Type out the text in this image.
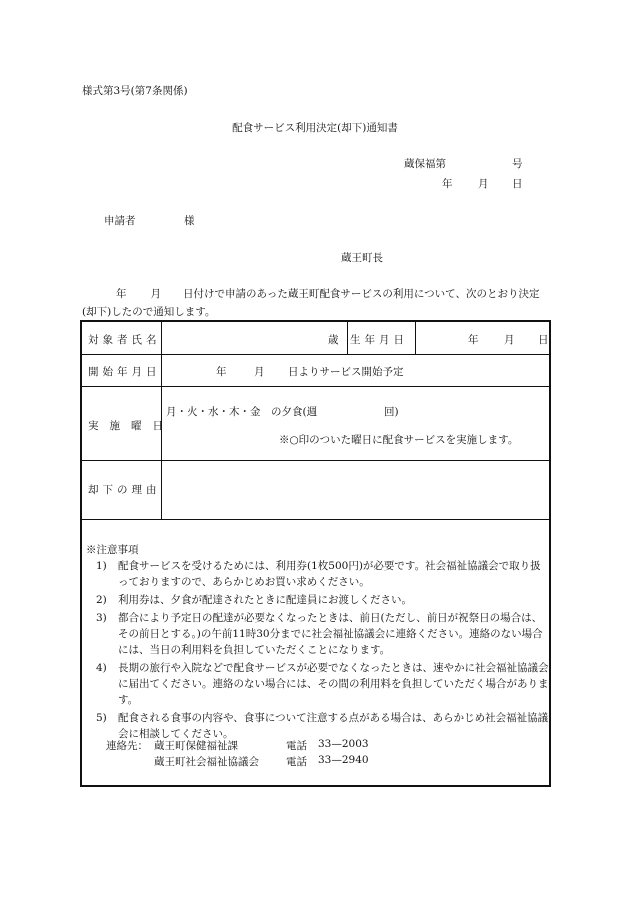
様式第3号(第7条関係)
配食サービス利用決定(却下)通知書
蔵保福第	号
年 月 日
申請者	様
蔵王町長
年 月 日付けで申請のあった蔵王町配食サービスの利用について、次のとおり決定(却下)したので通知します。
対象者氏名	歳 生年月日	年 月 日
開始年月日	年	月 日よりサービス開始予定
実施曜日
月・火・水・木・金　の夕食(週	回)
※○印のついた曜日に配食サービスを実施します。
却下の理由
※注意事項
1)	配食サービスを受けるためには、利用券(1枚500円)が必要です。社会福祉協議会で取り扱っておりますので、あらかじめお買い求めください。
2)	利用券は、夕食が配達されたときに配達員にお渡しください。
3)	都合により予定日の配達が必要なくなったときは、前日(ただし、前日が祝祭日の場合は、その前日とする。)の午前11時30分までに社会福祉協議会に連絡ください。連絡のない場合には、当日の利用料を負担していただくことになります。
4)	長期の旅行や入院などで配食サービスが必要でなくなったときは、速やかに社会福祉協議会に届出てください。連絡のない場合には、その間の利用料を負担していただく場合があります。
5)	配食される食事の内容や、食事について注意する点がある場合は、あらかじめ社会福祉協議会に相談してください。
連絡先： 蔵王町保健福祉課	電話 33—2003
蔵王町社会福祉協議会	電話 33—2940
